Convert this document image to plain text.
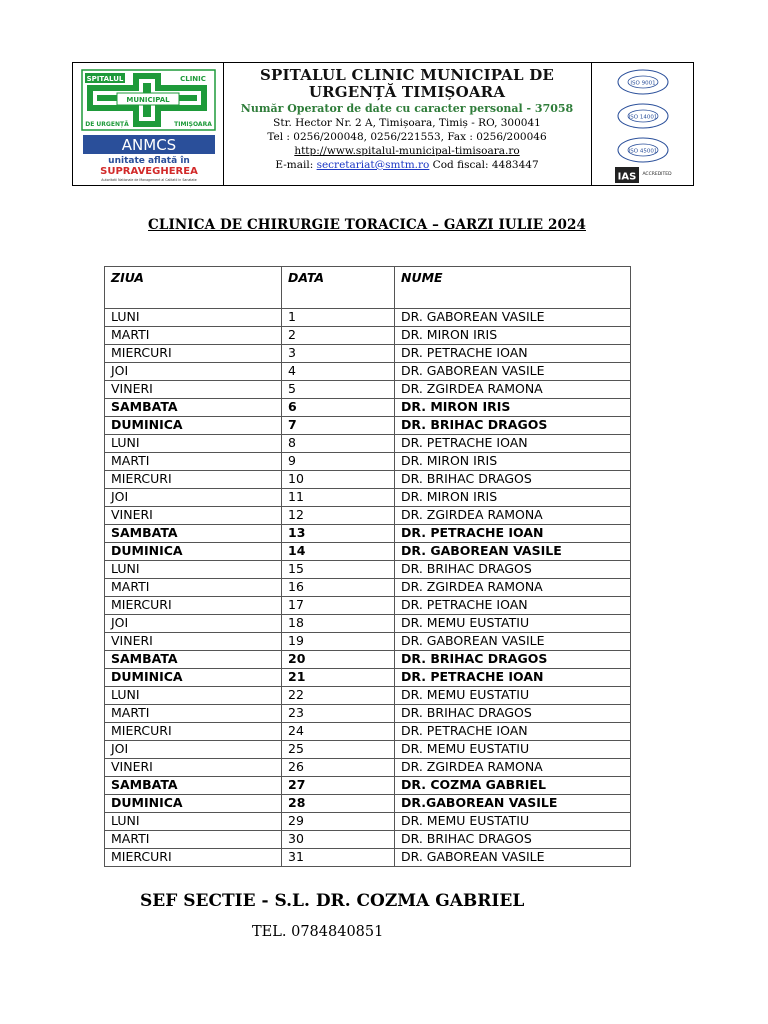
SPITALUL	CLINIC
MUNICIPAL
DE URGENȚĂ	TIMIȘOARA
ANMCS
unitate aflată în
SUPRAVEGHEREA
Autoritatii Nationale de Management al Calitatii in Sanatate
SPITALUL CLINIC MUNICIPAL DE
URGENȚĂ TIMIȘOARA
Număr Operator de date cu caracter personal - 37058
Str. Hector Nr. 2 A, Timișoara, Timiș - RO, 300041
Tel : 0256/200048, 0256/221553, Fax : 0256/200046
http://www.spitalul-municipal-timisoara.ro
E-mail: secretariat@smtm.ro Cod fiscal: 4483447
ISO 9001
ISO 14001
ISO 45001
IAS ACCREDITED
CLINICA DE CHIRURGIE TORACICA – GARZI IULIE 2024
ZIUA	DATA	NUME
LUNI	1	DR. GABOREAN VASILE
MARTI	2	DR. MIRON IRIS
MIERCURI	3	DR. PETRACHE IOAN
JOI	4	DR. GABOREAN VASILE
VINERI	5	DR. ZGIRDEA RAMONA
SAMBATA	6	DR. MIRON IRIS
DUMINICA	7	DR. BRIHAC DRAGOS
LUNI	8	DR. PETRACHE IOAN
MARTI	9	DR. MIRON IRIS
MIERCURI	10	DR. BRIHAC DRAGOS
JOI	11	DR. MIRON IRIS
VINERI	12	DR. ZGIRDEA RAMONA
SAMBATA	13	DR. PETRACHE IOAN
DUMINICA	14	DR. GABOREAN VASILE
LUNI	15	DR. BRIHAC DRAGOS
MARTI	16	DR. ZGIRDEA RAMONA
MIERCURI	17	DR. PETRACHE IOAN
JOI	18	DR. MEMU EUSTATIU
VINERI	19	DR. GABOREAN VASILE
SAMBATA	20	DR. BRIHAC DRAGOS
DUMINICA	21	DR. PETRACHE IOAN
LUNI	22	DR. MEMU EUSTATIU
MARTI	23	DR. BRIHAC DRAGOS
MIERCURI	24	DR. PETRACHE IOAN
JOI	25	DR. MEMU EUSTATIU
VINERI	26	DR. ZGIRDEA RAMONA
SAMBATA	27	DR. COZMA GABRIEL
DUMINICA	28	DR.GABOREAN VASILE
LUNI	29	DR. MEMU EUSTATIU
MARTI	30	DR. BRIHAC DRAGOS
MIERCURI	31	DR. GABOREAN VASILE
SEF SECTIE - S.L. DR. COZMA GABRIEL
TEL. 0784840851
